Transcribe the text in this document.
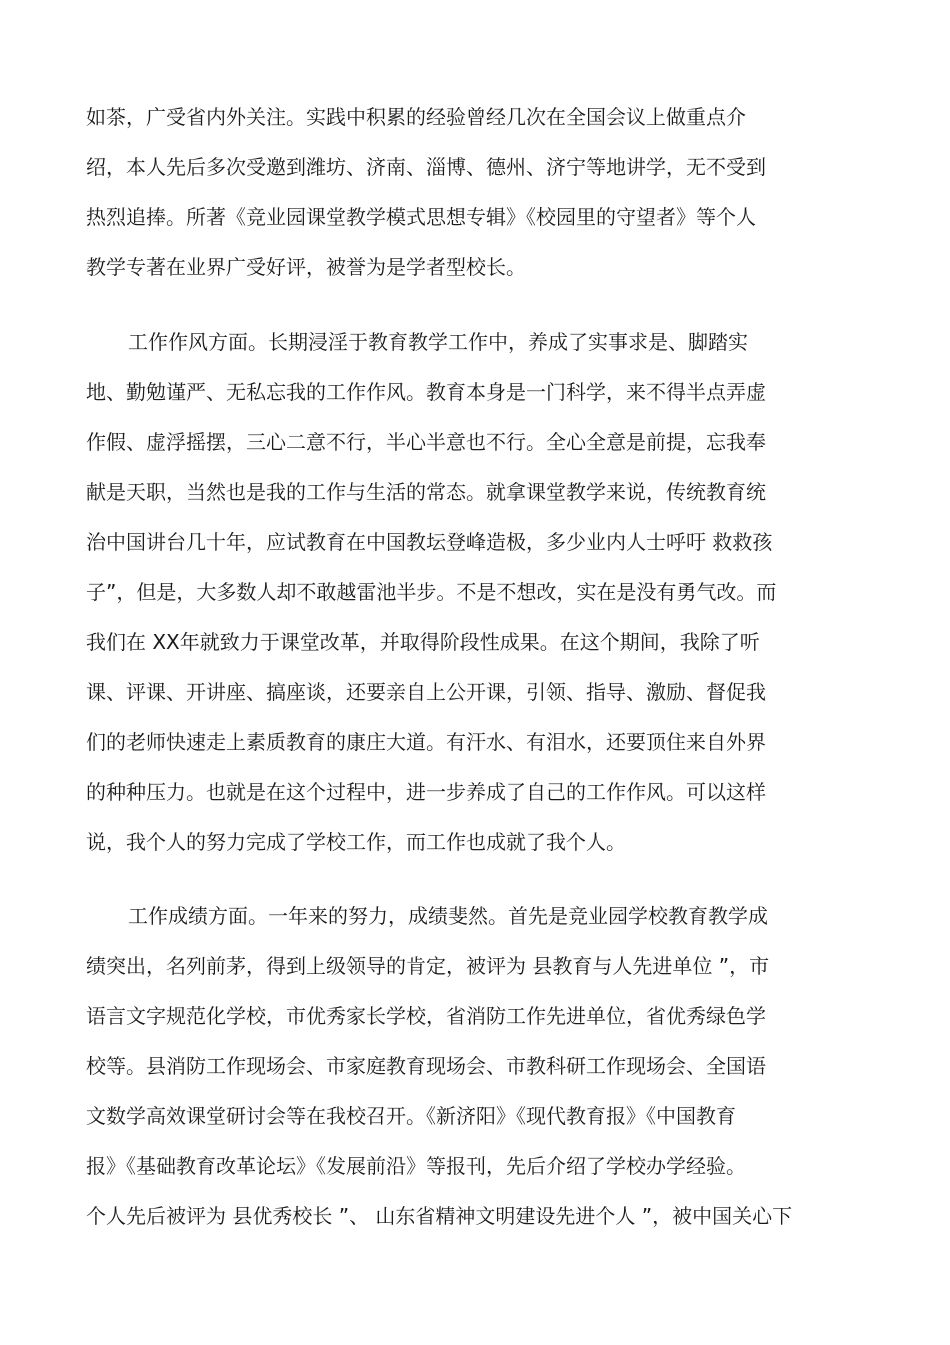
如茶，广受省内外关注。实践中积累的经验曾经几次在全国会议上做重点介
绍，本人先后多次受邀到潍坊、济南、淄博、德州、济宁等地讲学，无不受到
热烈追捧。所著《竞业园课堂教学模式思想专辑》《校园里的守望者》等个人
教学专著在业界广受好评，被誉为是学者型校长。
工作作风方面。长期浸淫于教育教学工作中，养成了实事求是、脚踏实
地、勤勉谨严、无私忘我的工作作风。教育本身是一门科学，来不得半点弄虚
作假、虚浮摇摆，三心二意不行，半心半意也不行。全心全意是前提，忘我奉
献是天职，当然也是我的工作与生活的常态。就拿课堂教学来说，传统教育统
治中国讲台几十年，应试教育在中国教坛登峰造极，多少业内人士呼吁 救救孩
子”，但是，大多数人却不敢越雷池半步。不是不想改，实在是没有勇气改。而
我们在 XX年就致力于课堂改革，并取得阶段性成果。在这个期间，我除了听
课、评课、开讲座、搞座谈，还要亲自上公开课，引领、指导、激励、督促我
们的老师快速走上素质教育的康庄大道。有汗水、有泪水，还要顶住来自外界
的种种压力。也就是在这个过程中，进一步养成了自己的工作作风。可以这样
说，我个人的努力完成了学校工作，而工作也成就了我个人。
工作成绩方面。一年来的努力，成绩斐然。首先是竞业园学校教育教学成
绩突出，名列前茅，得到上级领导的肯定，被评为 县教育与人先进单位 ”，市
语言文字规范化学校，市优秀家长学校，省消防工作先进单位，省优秀绿色学
校等。县消防工作现场会、市家庭教育现场会、市教科研工作现场会、全国语
文数学高效课堂研讨会等在我校召开。《新济阳》《现代教育报》《中国教育
报》《基础教育改革论坛》《发展前沿》等报刊，先后介绍了学校办学经验。
个人先后被评为 县优秀校长 ”、 山东省精神文明建设先进个人 ”，被中国关心下
